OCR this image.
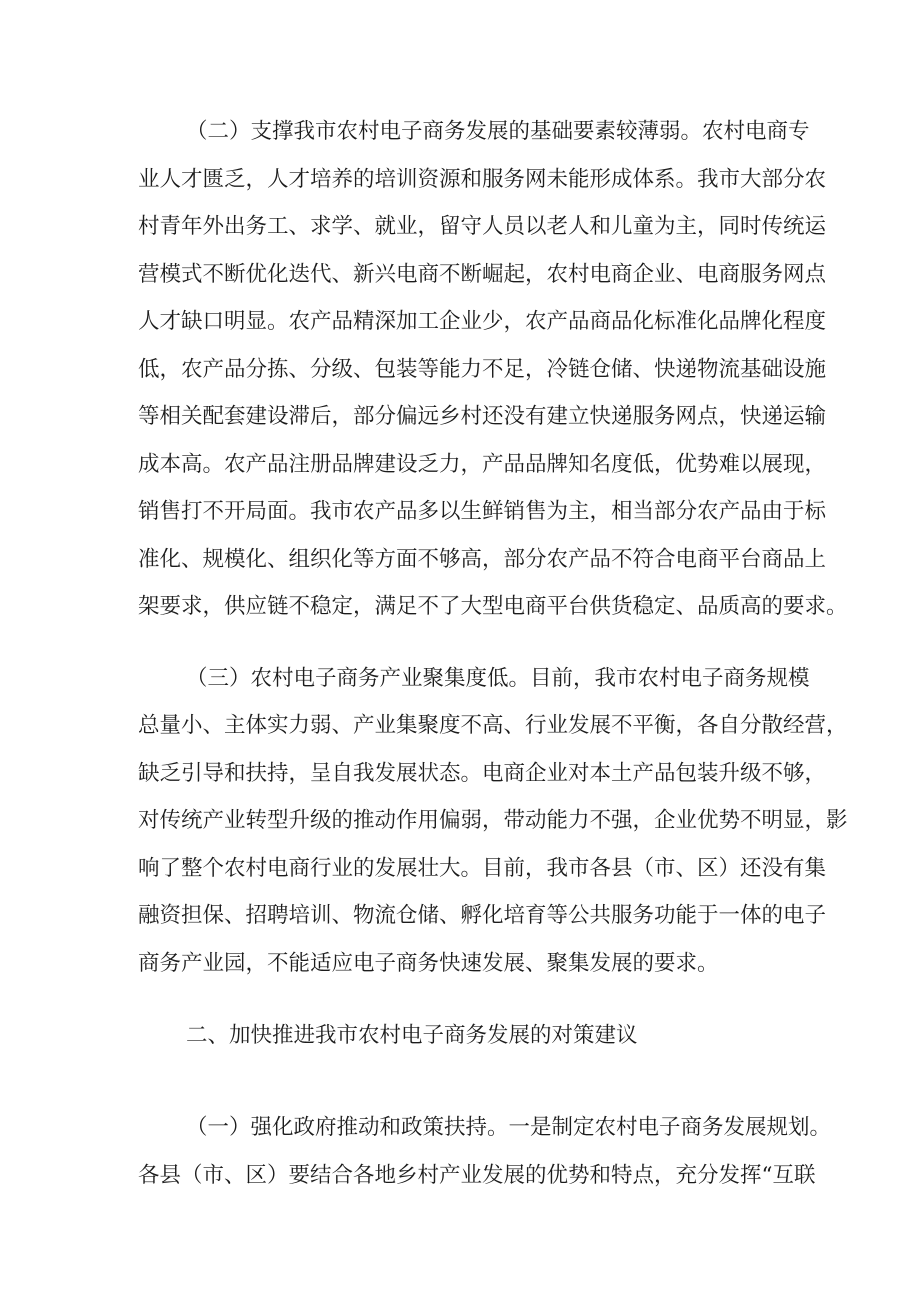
（二）支撑我市农村电子商务发展的基础要素较薄弱。农村电商专
业人才匮乏，人才培养的培训资源和服务网未能形成体系。我市大部分农
村青年外出务工、求学、就业，留守人员以老人和儿童为主，同时传统运
营模式不断优化迭代、新兴电商不断崛起，农村电商企业、电商服务网点
人才缺口明显。农产品精深加工企业少，农产品商品化标准化品牌化程度
低，农产品分拣、分级、包装等能力不足，冷链仓储、快递物流基础设施
等相关配套建设滞后，部分偏远乡村还没有建立快递服务网点，快递运输
成本高。农产品注册品牌建设乏力，产品品牌知名度低，优势难以展现，
销售打不开局面。我市农产品多以生鲜销售为主，相当部分农产品由于标
准化、规模化、组织化等方面不够高，部分农产品不符合电商平台商品上
架要求，供应链不稳定，满足不了大型电商平台供货稳定、品质高的要求。
（三）农村电子商务产业聚集度低。目前，我市农村电子商务规模
总量小、主体实力弱、产业集聚度不高、行业发展不平衡，各自分散经营，
缺乏引导和扶持，呈自我发展状态。电商企业对本土产品包装升级不够，
对传统产业转型升级的推动作用偏弱，带动能力不强，企业优势不明显，影
响了整个农村电商行业的发展壮大。目前，我市各县（市、区）还没有集
融资担保、招聘培训、物流仓储、孵化培育等公共服务功能于一体的电子
商务产业园，不能适应电子商务快速发展、聚集发展的要求。
二、加快推进我市农村电子商务发展的对策建议
（一）强化政府推动和政策扶持。一是制定农村电子商务发展规划。
各县（市、区）要结合各地乡村产业发展的优势和特点，充分发挥“互联
